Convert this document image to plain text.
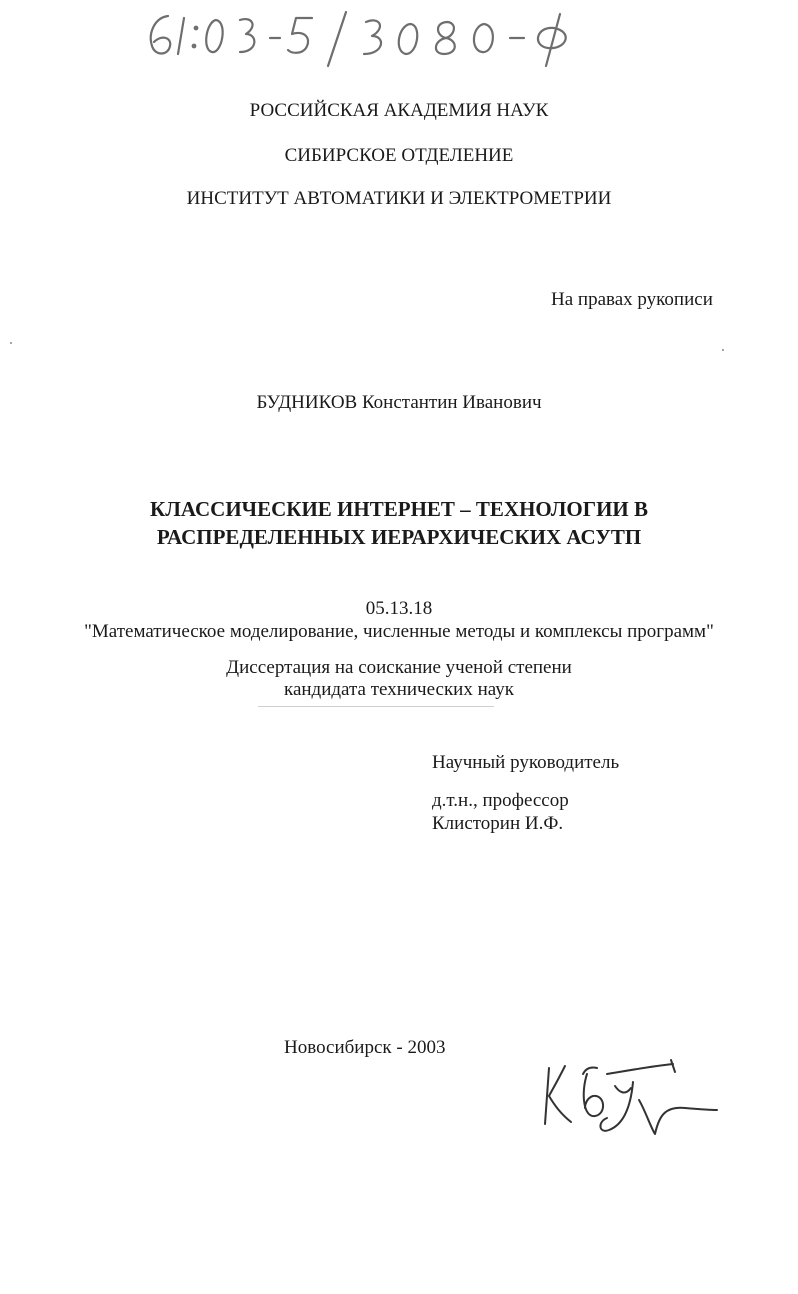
РОССИЙСКАЯ АКАДЕМИЯ НАУК
СИБИРСКОЕ ОТДЕЛЕНИЕ
ИНСТИТУТ АВТОМАТИКИ И ЭЛЕКТРОМЕТРИИ
На правах рукописи
БУДНИКОВ Константин Иванович
КЛАССИЧЕСКИЕ ИНТЕРНЕТ – ТЕХНОЛОГИИ В
РАСПРЕДЕЛЕННЫХ ИЕРАРХИЧЕСКИХ АСУТП
05.13.18
"Математическое моделирование, численные методы и комплексы программ"
Диссертация на соискание ученой степени
кандидата технических наук
Научный руководитель
д.т.н., профессор
Клисторин И.Ф.
Новосибирск - 2003
